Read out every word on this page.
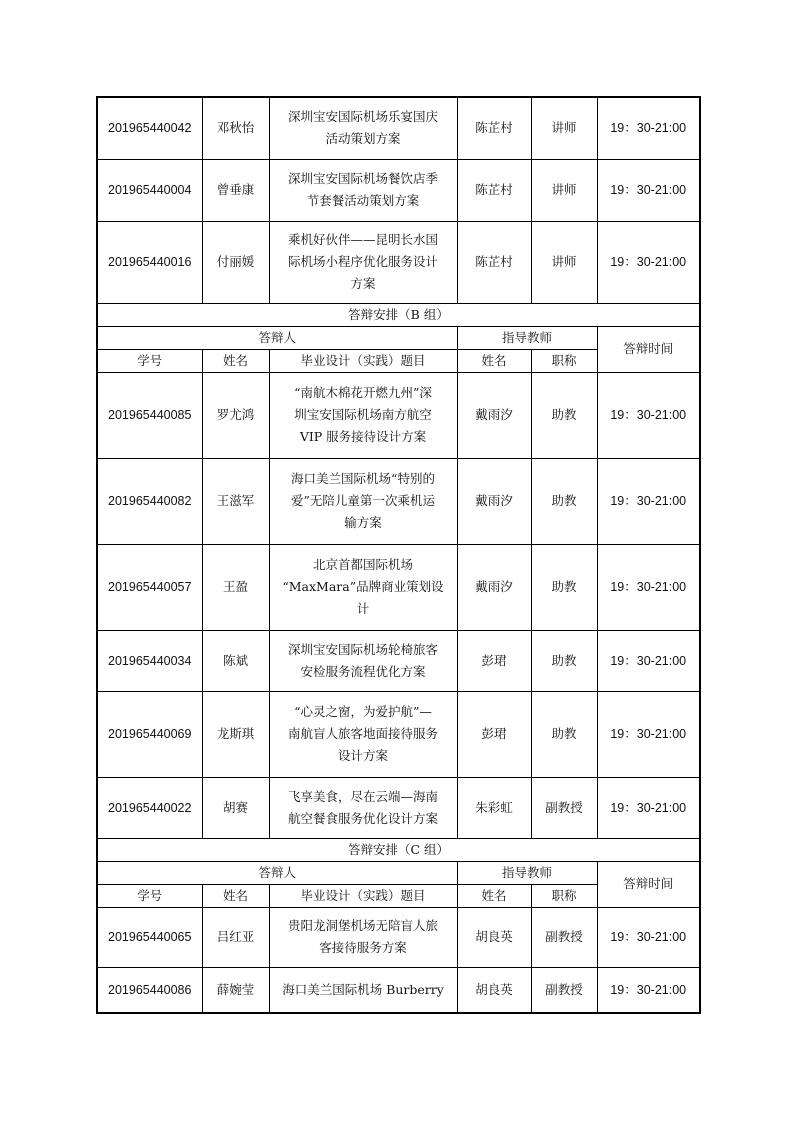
201965440042	邓秋怡	深圳宝安国际机场乐宴国庆
活动策划方案	陈芷村	讲师	19：30-21:00
201965440004	曾垂康	深圳宝安国际机场餐饮店季
节套餐活动策划方案	陈芷村	讲师	19：30-21:00
201965440016	付丽媛	乘机好伙伴——昆明长水国
际机场小程序优化服务设计
方案	陈芷村	讲师	19：30-21:00
答辩安排（B 组）					
答辩人			指导教师		答辩时间
学号	姓名	毕业设计（实践）题目	姓名	职称	
201965440085	罗尤鸿	“南航木棉花开燃九州”深
圳宝安国际机场南方航空
VIP 服务接待设计方案	戴雨汐	助教	19：30-21:00
201965440082	王滋军	海口美兰国际机场“特别的
爱”无陪儿童第一次乘机运
输方案	戴雨汐	助教	19：30-21:00
201965440057	王盈	北京首都国际机场
“MaxMara”品牌商业策划设
计	戴雨汐	助教	19：30-21:00
201965440034	陈斌	深圳宝安国际机场轮椅旅客
安检服务流程优化方案	彭珺	助教	19：30-21:00
201965440069	龙斯琪	“心灵之窗，为爱护航”—
南航盲人旅客地面接待服务
设计方案	彭珺	助教	19：30-21:00
201965440022	胡赛	飞享美食，尽在云端—海南
航空餐食服务优化设计方案	朱彩虹	副教授	19：30-21:00
答辩安排（C 组）					
答辩人			指导教师		答辩时间
学号	姓名	毕业设计（实践）题目	姓名	职称	
201965440065	吕红亚	贵阳龙洞堡机场无陪盲人旅
客接待服务方案	胡良英	副教授	19：30-21:00
201965440086	薛婉莹	海口美兰国际机场 Burberry	胡良英	副教授	19：30-21:00
